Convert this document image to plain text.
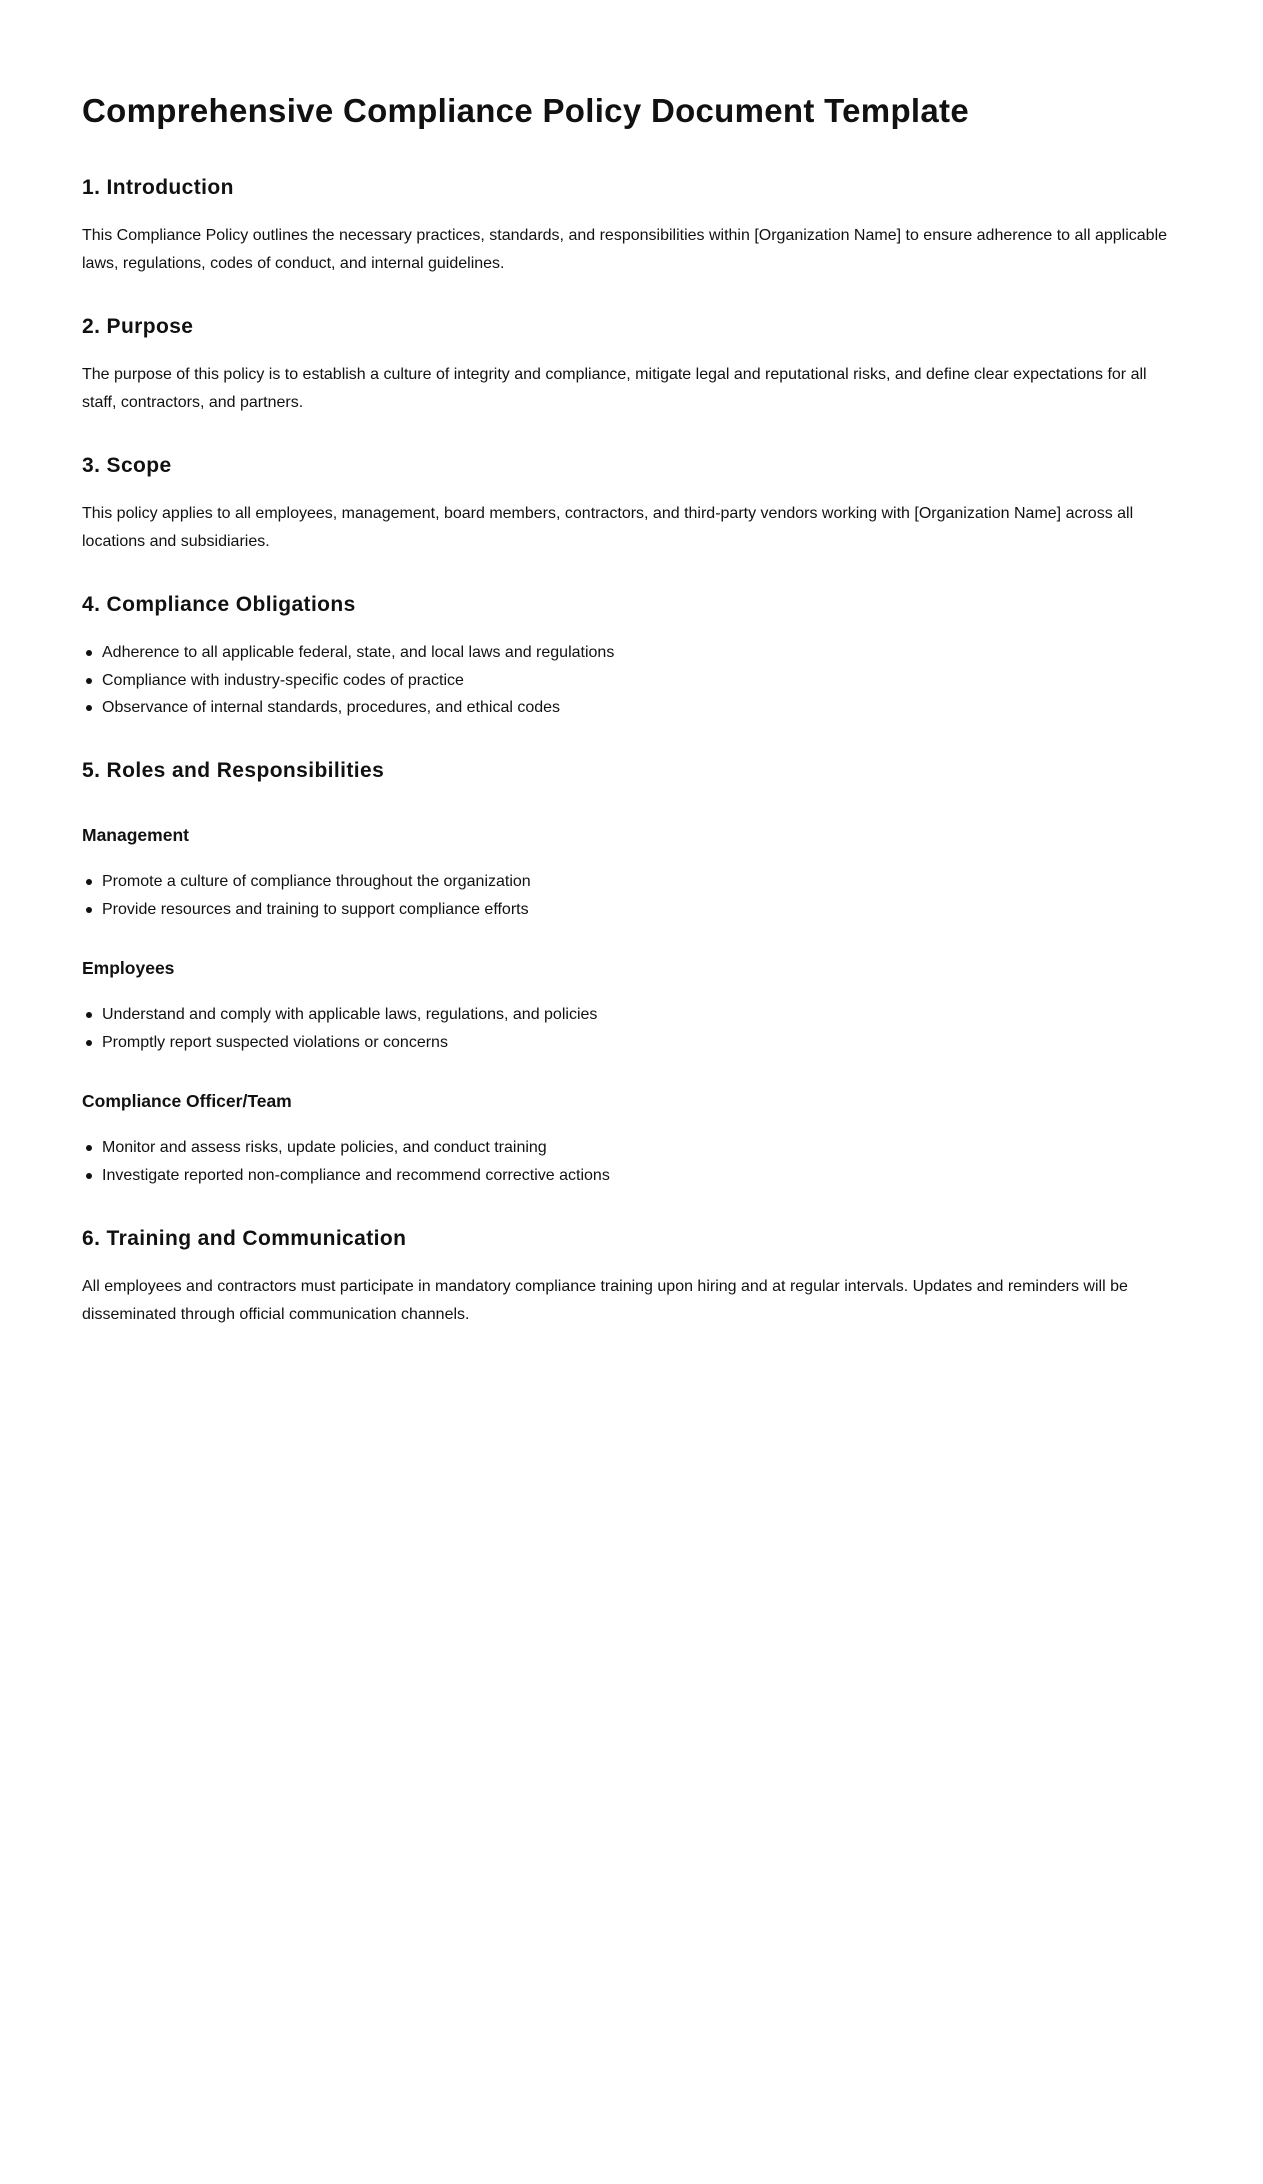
Comprehensive Compliance Policy Document Template
1. Introduction

This Compliance Policy outlines the necessary practices, standards, and responsibilities within [Organization Name] to ensure adherence to all applicable laws, regulations, codes of conduct, and internal guidelines.

2. Purpose

The purpose of this policy is to establish a culture of integrity and compliance, mitigate legal and reputational risks, and define clear expectations for all staff, contractors, and partners.

3. Scope

This policy applies to all employees, management, board members, contractors, and third-party vendors working with [Organization Name] across all locations and subsidiaries.

4. Compliance Obligations
Adherence to all applicable federal, state, and local laws and regulations
Compliance with industry-specific codes of practice
Observance of internal standards, procedures, and ethical codes
5. Roles and Responsibilities
Management
Promote a culture of compliance throughout the organization
Provide resources and training to support compliance efforts
Employees
Understand and comply with applicable laws, regulations, and policies
Promptly report suspected violations or concerns
Compliance Officer/Team
Monitor and assess risks, update policies, and conduct training
Investigate reported non-compliance and recommend corrective actions
6. Training and Communication

All employees and contractors must participate in mandatory compliance training upon hiring and at regular intervals. Updates and reminders will be disseminated through official communication channels.
